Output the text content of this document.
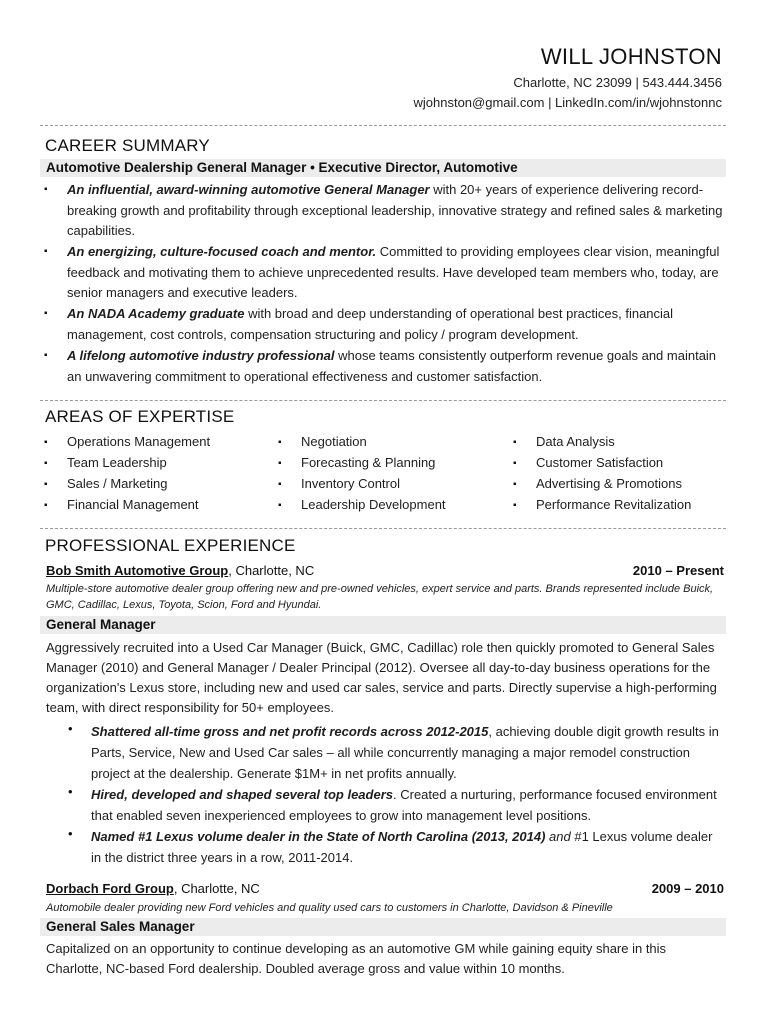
WILL JOHNSTON
Charlotte, NC 23099 | 543.444.3456
wjohnston@gmail.com | LinkedIn.com/in/wjohnstonnc
CAREER SUMMARY
Automotive Dealership General Manager • Executive Director, Automotive
▪ An influential, award-winning automotive General Manager with 20+ years of experience delivering record-breaking growth and profitability through exceptional leadership, innovative strategy and refined sales & marketing capabilities.
▪ An energizing, culture-focused coach and mentor. Committed to providing employees clear vision, meaningful feedback and motivating them to achieve unprecedented results. Have developed team members who, today, are senior managers and executive leaders.
▪ An NADA Academy graduate with broad and deep understanding of operational best practices, financial management, cost controls, compensation structuring and policy / program development.
▪ A lifelong automotive industry professional whose teams consistently outperform revenue goals and maintain an unwavering commitment to operational effectiveness and customer satisfaction.
AREAS OF EXPERTISE
▪ Operations Management
▪ Team Leadership
▪ Sales / Marketing
▪ Financial Management
▪ Negotiation
▪ Forecasting & Planning
▪ Inventory Control
▪ Leadership Development
▪ Data Analysis
▪ Customer Satisfaction
▪ Advertising & Promotions
▪ Performance Revitalization
PROFESSIONAL EXPERIENCE
Bob Smith Automotive Group, Charlotte, NC	2010 – Present
Multiple-store automotive dealer group offering new and pre-owned vehicles, expert service and parts. Brands represented include Buick, GMC, Cadillac, Lexus, Toyota, Scion, Ford and Hyundai.
General Manager
Aggressively recruited into a Used Car Manager (Buick, GMC, Cadillac) role then quickly promoted to General Sales Manager (2010) and General Manager / Dealer Principal (2012). Oversee all day-to-day business operations for the organization's Lexus store, including new and used car sales, service and parts. Directly supervise a high-performing team, with direct responsibility for 50+ employees.
• Shattered all-time gross and net profit records across 2012-2015, achieving double digit growth results in Parts, Service, New and Used Car sales – all while concurrently managing a major remodel construction project at the dealership. Generate $1M+ in net profits annually.
• Hired, developed and shaped several top leaders. Created a nurturing, performance focused environment that enabled seven inexperienced employees to grow into management level positions.
• Named #1 Lexus volume dealer in the State of North Carolina (2013, 2014) and #1 Lexus volume dealer in the district three years in a row, 2011-2014.
Dorbach Ford Group, Charlotte, NC	2009 – 2010
Automobile dealer providing new Ford vehicles and quality used cars to customers in Charlotte, Davidson & Pineville
General Sales Manager
Capitalized on an opportunity to continue developing as an automotive GM while gaining equity share in this Charlotte, NC-based Ford dealership. Doubled average gross and value within 10 months.
